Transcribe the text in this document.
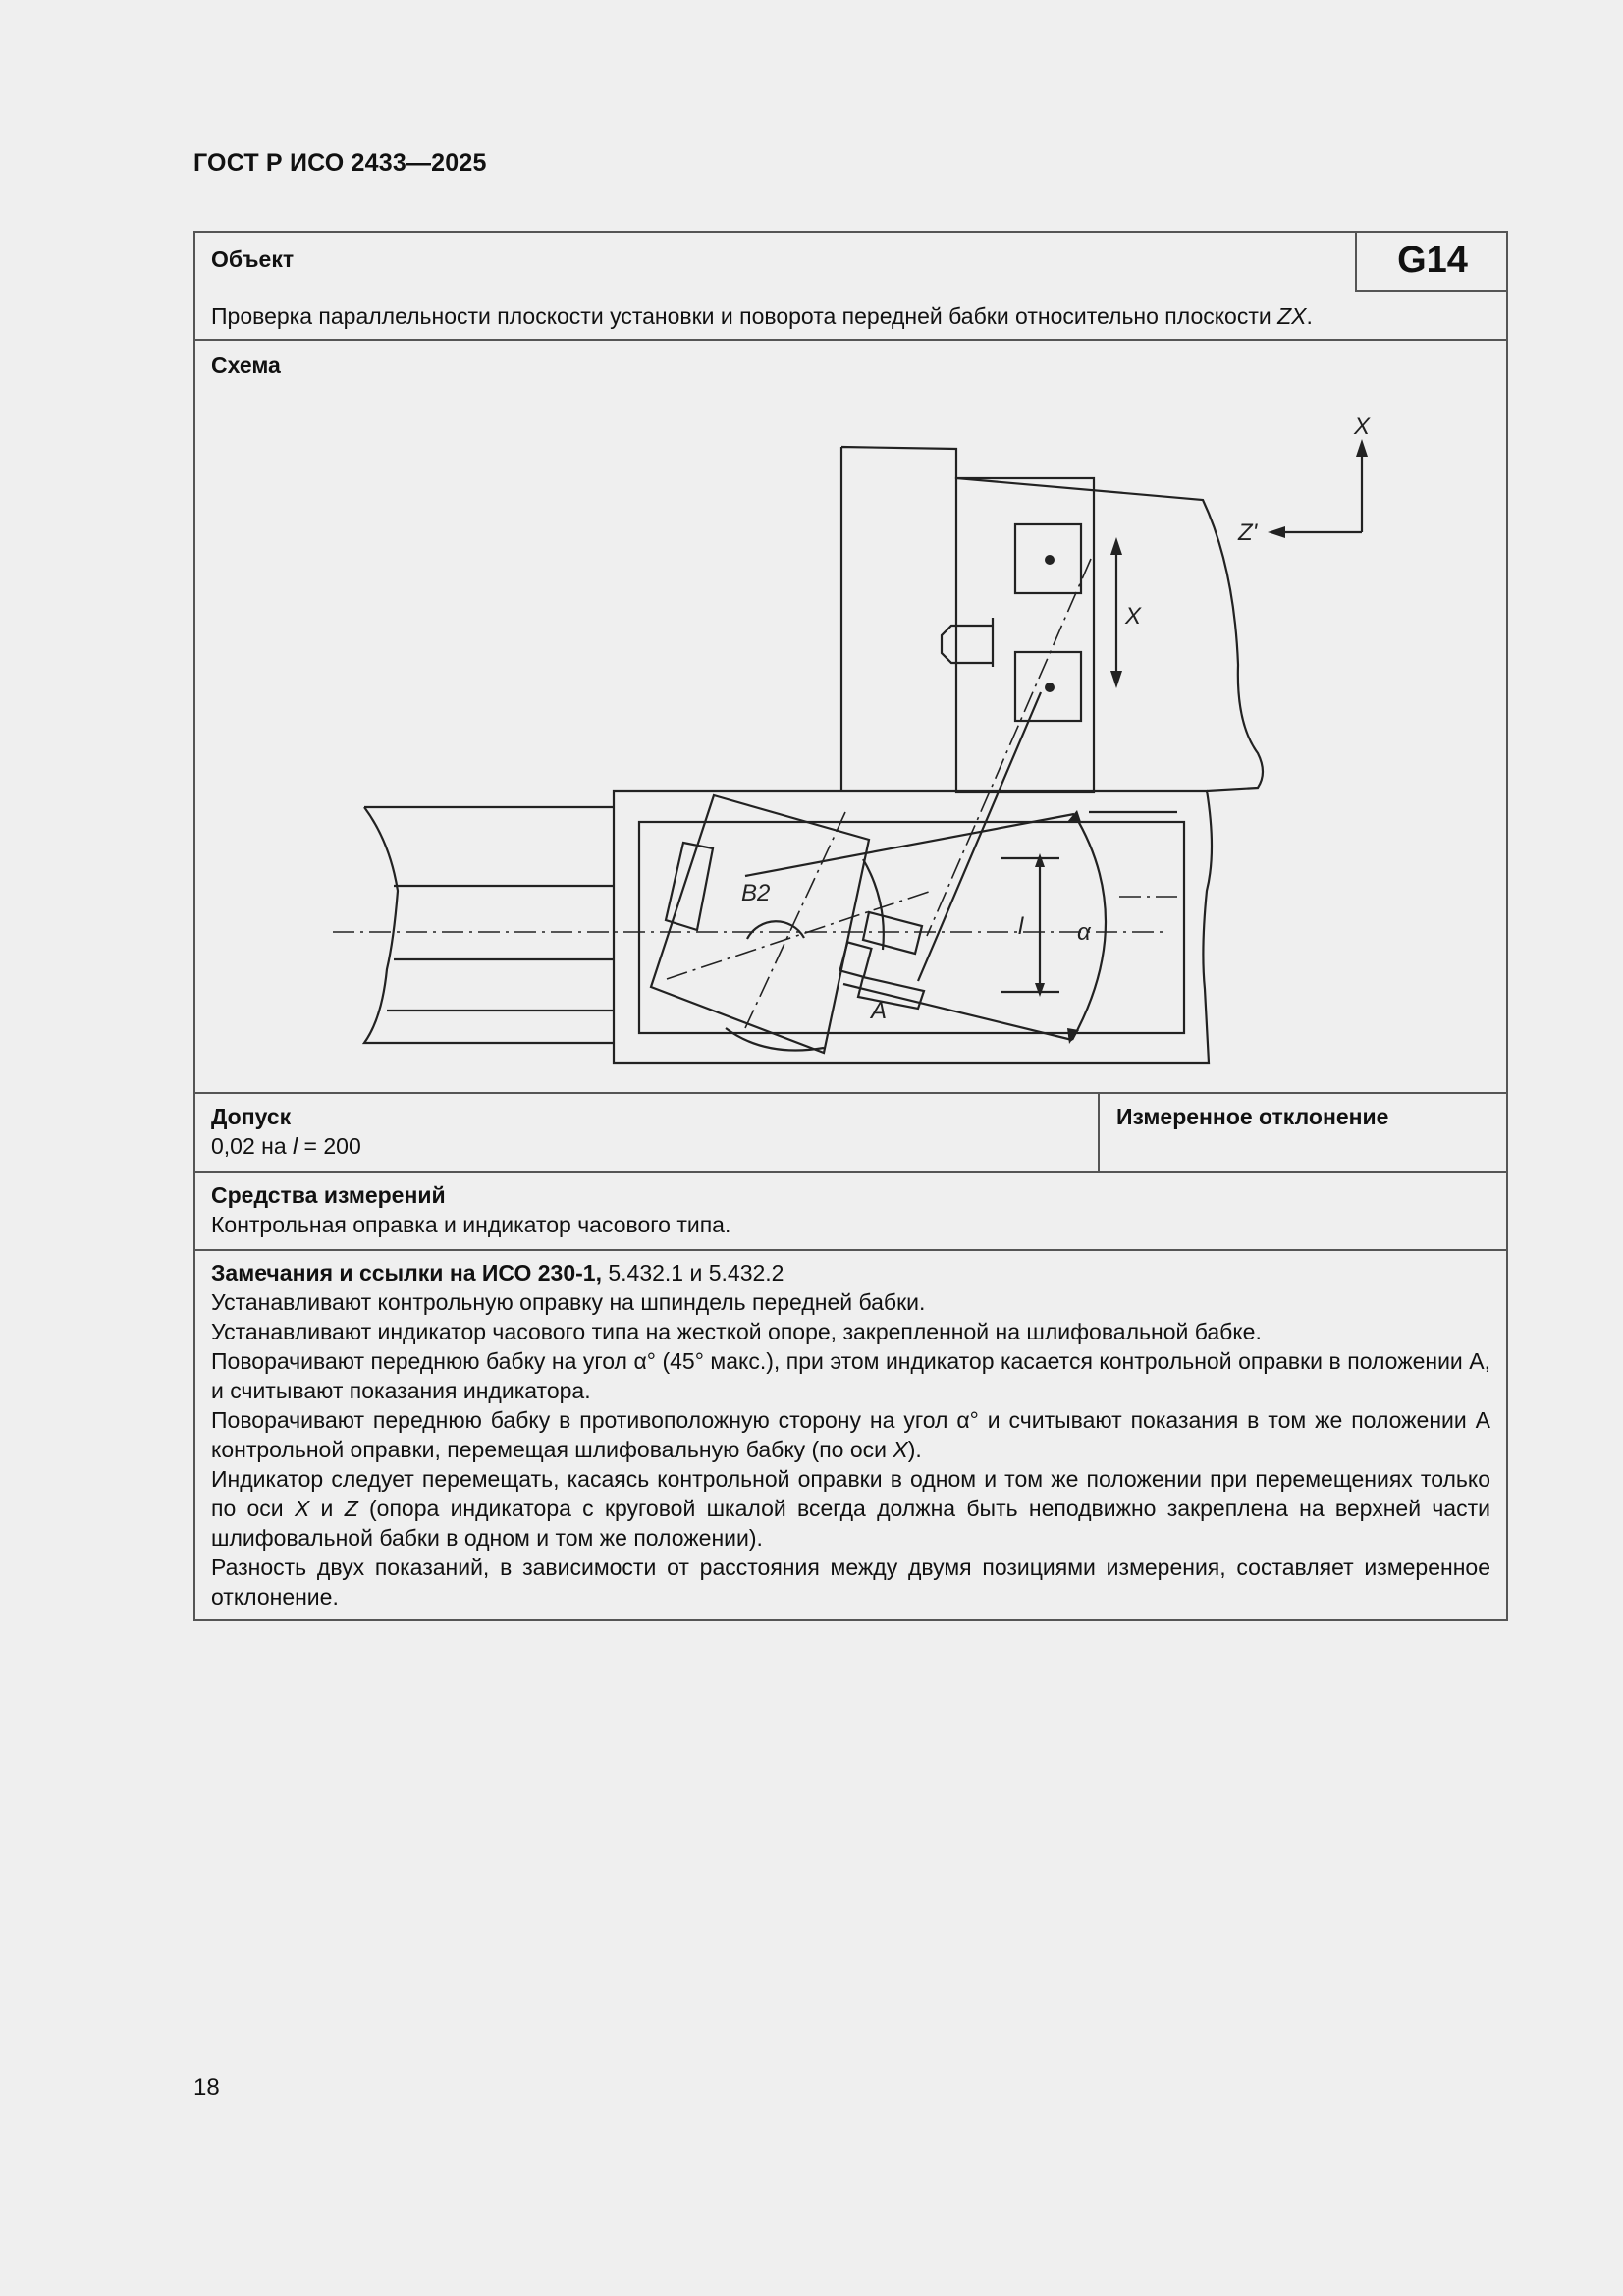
ГОСТ Р ИСО 2433—2025
Объект	G14
Проверка параллельности плоскости установки и поворота передней бабки относительно плоскости ZX.
Схема
X
Z'
X
B2
A
l α
Допуск
0,02 на l = 200
Измеренное отклонение
Средства измерений
Контрольная оправка и индикатор часового типа.

Замечания и ссылки на ИСО 230-1, 5.432.1 и 5.432.2

Устанавливают контрольную оправку на шпиндель передней бабки.

Устанавливают индикатор часового типа на жесткой опоре, закрепленной на шлифовальной бабке.

Поворачивают переднюю бабку на угол α° (45° макс.), при этом индикатор касается контрольной оправки в положении А, и считывают показания индикатора.

Поворачивают переднюю бабку в противоположную сторону на угол α° и считывают показания в том же положении А контрольной оправки, перемещая шлифовальную бабку (по оси X).

Индикатор следует перемещать, касаясь контрольной оправки в одном и том же положении при перемещениях только по оси X и Z (опора индикатора с круговой шкалой всегда должна быть неподвижно закреплена на верхней части шлифовальной бабки в одном и том же положении).

Разность двух показаний, в зависимости от расстояния между двумя позициями измерения, составляет измеренное отклонение.

18
